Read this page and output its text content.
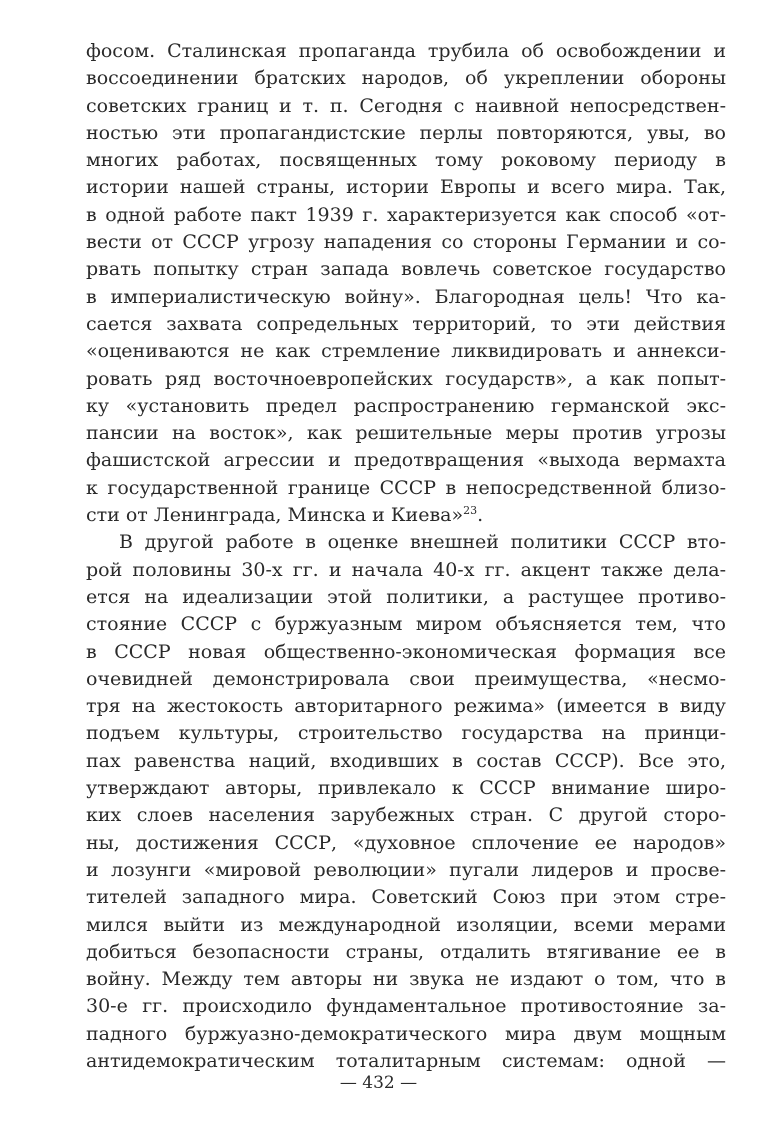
фосом. Сталинская пропаганда трубила об освобождении и
воссоединении братских народов, об укреплении обороны
советских границ и т. п. Сегодня с наивной непосредствен-
ностью эти пропагандистские перлы повторяются, увы, во
многих работах, посвященных тому роковому периоду в
истории нашей страны, истории Европы и всего мира. Так,
в одной работе пакт 1939 г. характеризуется как способ «от-
вести от СССР угрозу нападения со стороны Германии и со-
рвать попытку стран запада вовлечь советское государство
в империалистическую войну». Благородная цель! Что ка-
сается захвата сопредельных территорий, то эти действия
«оцениваются не как стремление ликвидировать и аннекси-
ровать ряд восточноевропейских государств», а как попыт-
ку «установить предел распространению германской экс-
пансии на восток», как решительные меры против угрозы
фашистской агрессии и предотвращения «выхода вермахта
к государственной границе СССР в непосредственной близо-
сти от Ленинграда, Минска и Киева»$^{23}$.
В другой работе в оценке внешней политики СССР вто-
рой половины 30-х гг. и начала 40-х гг. акцент также дела-
ется на идеализации этой политики, а растущее противо-
стояние СССР с буржуазным миром объясняется тем, что
в СССР новая общественно-экономическая формация все
очевидней демонстрировала свои преимущества, «несмо-
тря на жестокость авторитарного режима» (имеется в виду
подъем культуры, строительство государства на принци-
пах равенства наций, входивших в состав СССР). Все это,
утверждают авторы, привлекало к СССР внимание широ-
ких слоев населения зарубежных стран. С другой сторо-
ны, достижения СССР, «духовное сплочение ее народов»
и лозунги «мировой революции» пугали лидеров и просве-
тителей западного мира. Советский Союз при этом стре-
мился выйти из международной изоляции, всеми мерами
добиться безопасности страны, отдалить втягивание ее в
войну. Между тем авторы ни звука не издают о том, что в
30-е гг. происходило фундаментальное противостояние за-
падного буржуазно-демократического мира двум мощным
антидемократическим тоталитарным системам: одной —
— 432 —
